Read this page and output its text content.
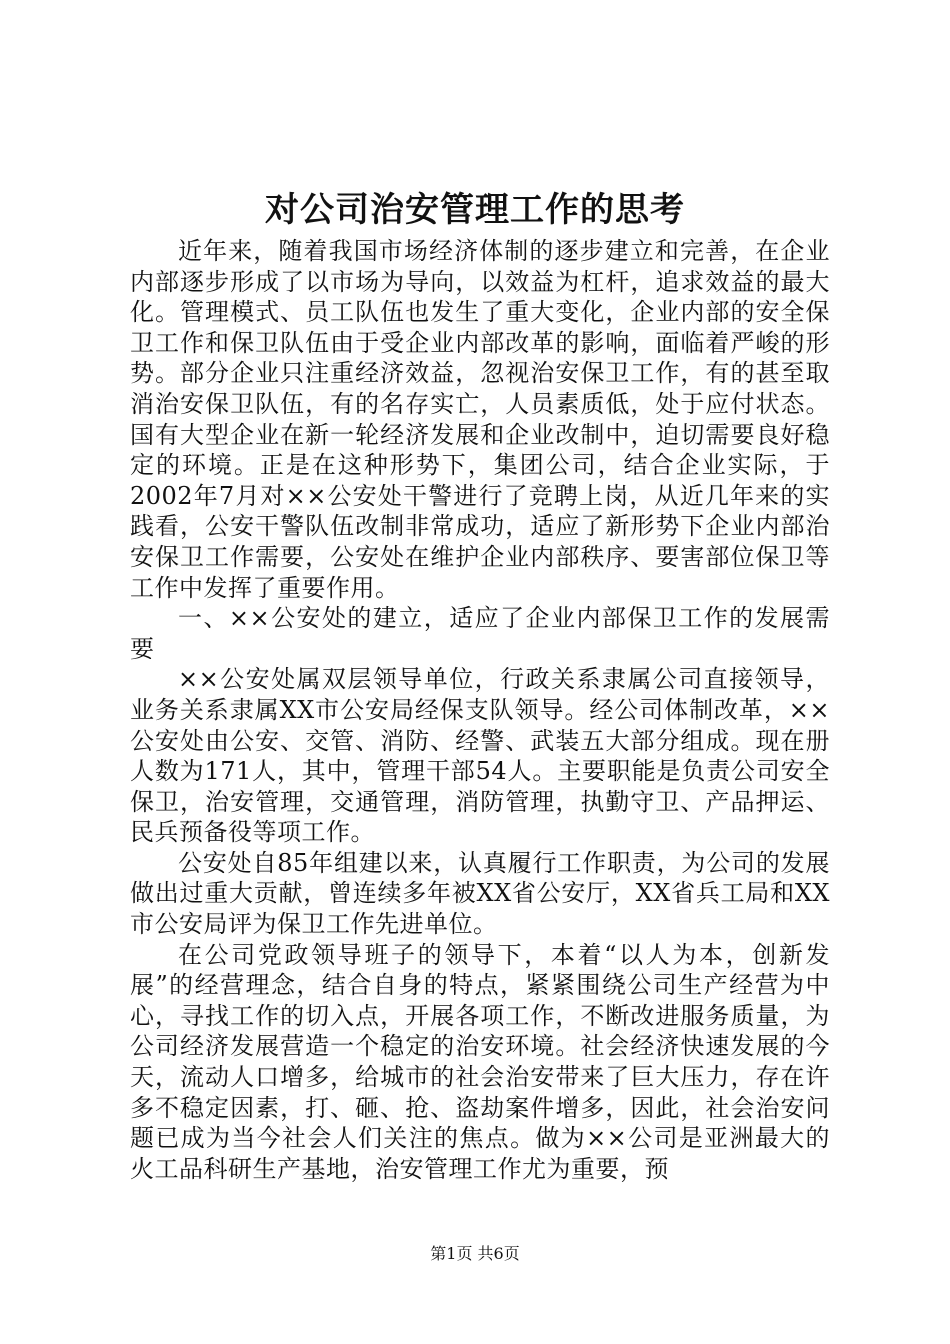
对公司治安管理工作的思考

近年来，随着我国市场经济体制的逐步建立和完善，在企业内部逐步形成了以市场为导向，以效益为杠杆，追求效益的最大化。管理模式、员工队伍也发生了重大变化，企业内部的安全保卫工作和保卫队伍由于受企业内部改革的影响，面临着严峻的形势。部分企业只注重经济效益，忽视治安保卫工作，有的甚至取消治安保卫队伍，有的名存实亡，人员素质低，处于应付状态。国有大型企业在新一轮经济发展和企业改制中，迫切需要良好稳定的环境。正是在这种形势下，集团公司，结合企业实际，于2002年7月对××公安处干警进行了竞聘上岗，从近几年来的实践看，公安干警队伍改制非常成功，适应了新形势下企业内部治安保卫工作需要，公安处在维护企业内部秩序、要害部位保卫等工作中发挥了重要作用。

一、××公安处的建立，适应了企业内部保卫工作的发展需要

××公安处属双层领导单位，行政关系隶属公司直接领导，业务关系隶属XX市公安局经保支队领导。经公司体制改革，××公安处由公安、交管、消防、经警、武装五大部分组成。现在册人数为171人，其中，管理干部54人。主要职能是负责公司安全保卫，治安管理，交通管理，消防管理，执勤守卫、产品押运、民兵预备役等项工作。

公安处自85年组建以来，认真履行工作职责，为公司的发展做出过重大贡献，曾连续多年被XX省公安厅，XX省兵工局和XX市公安局评为保卫工作先进单位。

在公司党政领导班子的领导下，本着“以人为本，创新发展”的经营理念，结合自身的特点，紧紧围绕公司生产经营为中心，寻找工作的切入点，开展各项工作，不断改进服务质量，为公司经济发展营造一个稳定的治安环境。社会经济快速发展的今天，流动人口增多，给城市的社会治安带来了巨大压力，存在许多不稳定因素，打、砸、抢、盗劫案件增多，因此，社会治安问题已成为当今社会人们关注的焦点。做为××公司是亚洲最大的火工品科研生产基地，治安管理工作尤为重要，预

第1页 共6页
